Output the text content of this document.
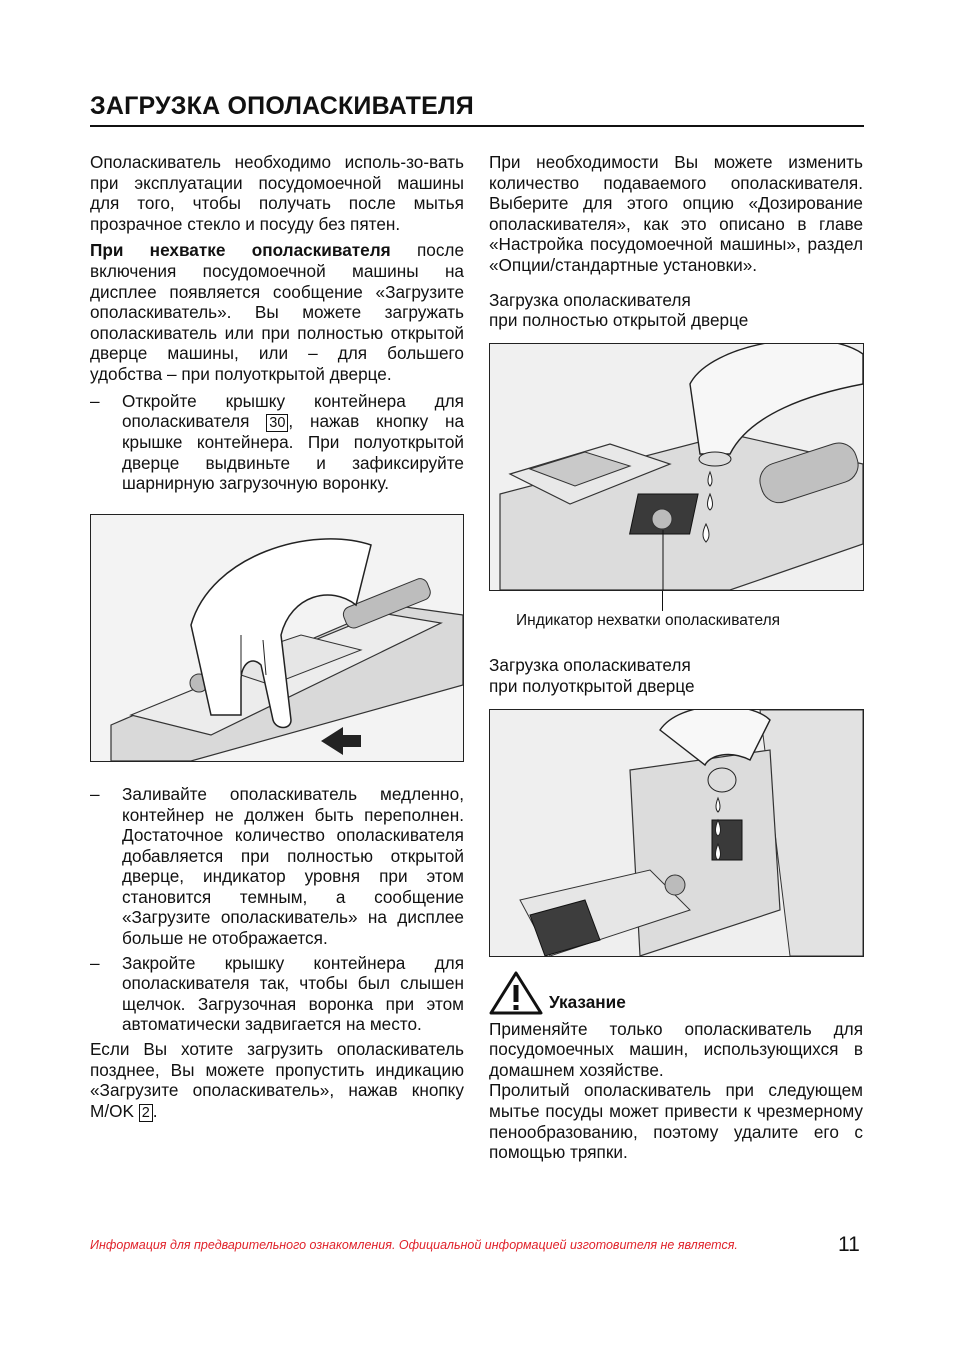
ЗАГРУЗКА ОПОЛАСКИВАТЕЛЯ

Ополаскиватель необходимо исполь-зо-вать при эксплуатации посудомоечной машины для того, чтобы получать после мытья прозрачное стекло и посуду без пятен.

При нехватке ополаскивателя после включения посудомоечной машины на дисплее появляется сообщение «Загрузите ополаскиватель». Вы можете загружать ополаскиватель или при полностью открытой дверце машины, или – для большего удобства – при полуоткрытой дверце.

– Откройте крышку контейнера для ополаскивателя 30 , нажав кнопку на крышке контейнера. При полуоткрытой дверце выдвиньте и зафиксируйте шарнирную загрузочную воронку.
– Заливайте ополаскиватель медленно, контейнер не должен быть переполнен. Достаточное количество ополаскивателя добавляется при полностью открытой дверце, индикатор уровня при этом становится темным, а сообщение «Загрузите ополаскиватель» на дисплее больше не отображается.
– Закройте крышку контейнера для ополаскивателя так, чтобы был слышен щелчок. Загрузочная воронка при этом автоматически задвигается на место.

Если Вы хотите загрузить ополаскиватель позднее, Вы можете пропустить индикацию «Загрузите ополаскиватель», нажав кнопку M/OK 2 .

При необходимости Вы можете изменить количество подаваемого ополаскивателя. Выберите для этого опцию «Дозирование ополаскивателя», как это описано в главе «Настройка посудомоечной машины», раздел «Опции/стандартные установки».

Загрузка ополаскивателя
при полностью открытой дверце

Индикатор нехватки ополаскивателя

Загрузка ополаскивателя
при полуоткрытой дверце

Указание

Применяйте только ополаскиватель для посудомоечных машин, использующихся в домашнем хозяйстве.

Пролитый ополаскиватель при следующем мытье посуды может привести к чрезмерному пенообразованию, поэтому удалите его с помощью тряпки.

Информация для предварительного ознакомления. Официальной информацией изготовителя не является.	11
